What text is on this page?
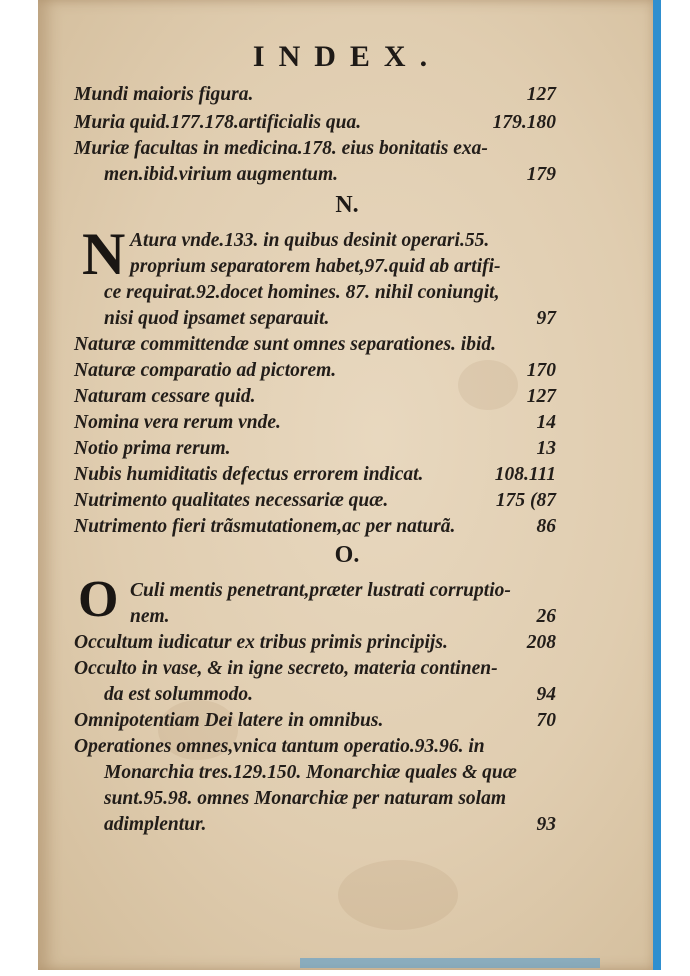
INDEX.
Mundi maioris figura.	127
Muria quid.177.178.artificialis qua.	179.180
Muriæ facultas in medicina.178. eius bonitatis exa-
men.ibid.virium augmentum.	179
N.
N Atura vnde.133. in quibus desinit operari.55.
proprium separatorem habet,97.quid ab artifi-
ce requirat.92.docet homines. 87. nihil coniungit,
nisi quod ipsamet separauit.	97
Naturæ committendæ sunt omnes separationes. ibid.
Naturæ comparatio ad pictorem.	170
Naturam cessare quid.	127
Nomina vera rerum vnde.	14
Notio prima rerum.	13
Nubis humiditatis defectus errorem indicat.	108.111
Nutrimento qualitates necessariæ quæ.	175 (87
Nutrimento fieri trãsmutationem,ac per naturã.	86
O.
O Culi mentis penetrant,præter lustrati corruptio-
nem.	26
Occultum iudicatur ex tribus primis principijs.	208
Occulto in vase, & in igne secreto, materia continen-
da est solummodo.	94
Omnipotentiam Dei latere in omnibus.	70
Operationes omnes,vnica tantum operatio.93.96. in
Monarchia tres.129.150. Monarchiæ quales & quæ
sunt.95.98. omnes Monarchiæ per naturam solam
adimplentur.	93
